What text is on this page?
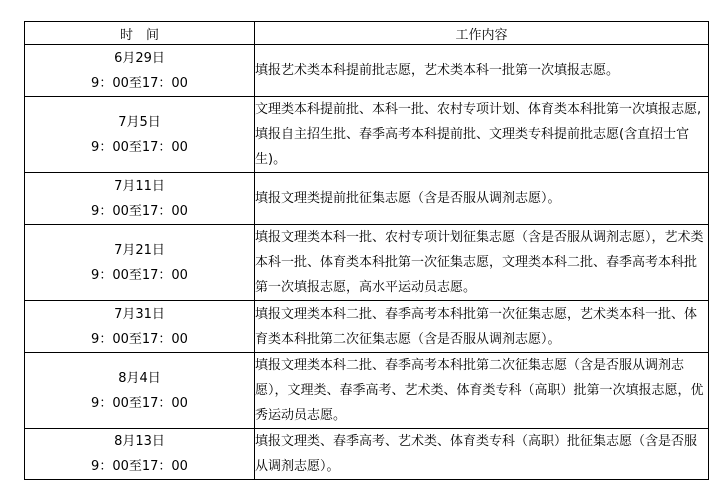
时　间	工作内容

6月29日
9：00至17：00	填报艺术类本科提前批志愿，艺术类本科一批第一次填报志愿。

7月5日
9：00至17：00	文理类本科提前批、本科一批、农村专项计划、体育类本科批第一次填报志愿,填报自主招生批、春季高考本科提前批、文理类专科提前批志愿(含直招士官生)。

7月11日
9：00至17：00	填报文理类提前批征集志愿（含是否服从调剂志愿）。

7月21日
9：00至17：00	填报文理类本科一批、农村专项计划征集志愿（含是否服从调剂志愿），艺术类本科一批、体育类本科批第一次征集志愿，文理类本科二批、春季高考本科批第一次填报志愿，高水平运动员志愿。

7月31日
9：00至17：00	填报文理类本科二批、春季高考本科批第一次征集志愿，艺术类本科一批、体育类本科批第二次征集志愿（含是否服从调剂志愿）。

8月4日
9：00至17：00	填报文理类本科二批、春季高考本科批第二次征集志愿（含是否服从调剂志愿），文理类、春季高考、艺术类、体育类专科（高职）批第一次填报志愿，优秀运动员志愿。

8月13日
9：00至17：00	填报文理类、春季高考、艺术类、体育类专科（高职）批征集志愿（含是否服从调剂志愿）。
